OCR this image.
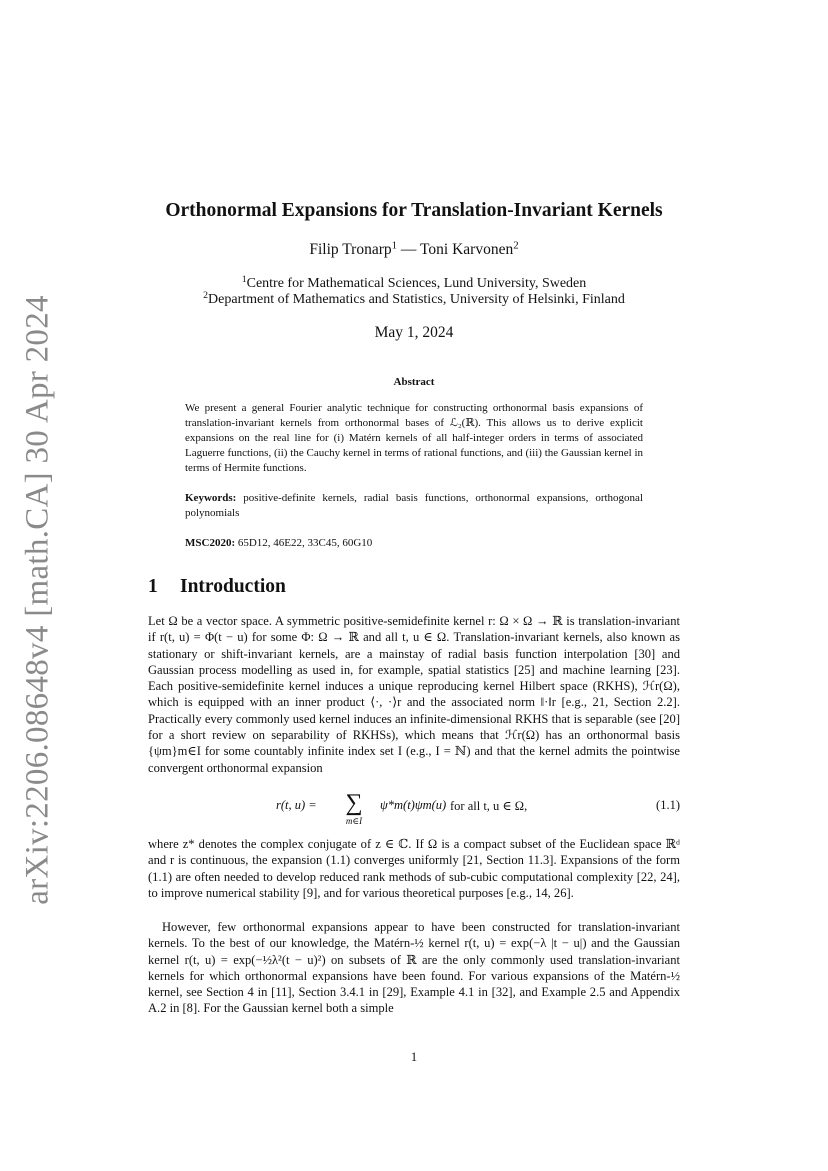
arXiv:2206.08648v4 [math.CA] 30 Apr 2024
Orthonormal Expansions for Translation-Invariant Kernels
Filip Tronarp$^1$ — Toni Karvonen$^2$
$^1$Centre for Mathematical Sciences, Lund University, Sweden
$^2$Department of Mathematics and Statistics, University of Helsinki, Finland
May 1, 2024
Abstract
We present a general Fourier analytic technique for constructing orthonormal basis expansions of translation-invariant kernels from orthonormal bases of ℒ₂(ℝ). This allows us to derive explicit expansions on the real line for (i) Matérn kernels of all half-integer orders in terms of associated Laguerre functions, (ii) the Cauchy kernel in terms of rational functions, and (iii) the Gaussian kernel in terms of Hermite functions.
Keywords: positive-definite kernels, radial basis functions, orthonormal expansions, orthogonal polynomials
MSC2020: 65D12, 46E22, 33C45, 60G10
1 Introduction
Let Ω be a vector space. A symmetric positive-semidefinite kernel r: Ω × Ω → ℝ is translation-invariant if r(t, u) = Φ(t − u) for some Φ: Ω → ℝ and all t, u ∈ Ω. Translation-invariant kernels, also known as stationary or shift-invariant kernels, are a mainstay of radial basis function interpolation [30] and Gaussian process modelling as used in, for example, spatial statistics [25] and machine learning [23]. Each positive-semidefinite kernel induces a unique reproducing kernel Hilbert space (RKHS), ℋr(Ω), which is equipped with an inner product ⟨·, ·⟩r and the associated norm ‖·‖r [e.g., 21, Section 2.2]. Practically every commonly used kernel induces an infinite-dimensional RKHS that is separable (see [20] for a short review on separability of RKHSs), which means that ℋr(Ω) has an orthonormal basis {ψm}m∈I for some countably infinite index set I (e.g., I = ℕ) and that the kernel admits the pointwise convergent orthonormal expansion
r(t, u) =	∑
m∈I
ψ*m(t)ψm(u) for all t, u ∈ Ω,	(1.1)
where z* denotes the complex conjugate of z ∈ ℂ. If Ω is a compact subset of the Euclidean space ℝᵈ and r is continuous, the expansion (1.1) converges uniformly [21, Section 11.3]. Expansions of the form (1.1) are often needed to develop reduced rank methods of sub-cubic computational complexity [22, 24], to improve numerical stability [9], and for various theoretical purposes [e.g., 14, 26].
However, few orthonormal expansions appear to have been constructed for translation-invariant kernels. To the best of our knowledge, the Matérn-½ kernel r(t, u) = exp(−λ |t − u|) and the Gaussian kernel r(t, u) = exp(−½λ²(t − u)²) on subsets of ℝ are the only commonly used translation-invariant kernels for which orthonormal expansions have been found. For various expansions of the Matérn-½ kernel, see Section 4 in [11], Section 3.4.1 in [29], Example 4.1 in [32], and Example 2.5 and Appendix A.2 in [8]. For the Gaussian kernel both a simple
1
